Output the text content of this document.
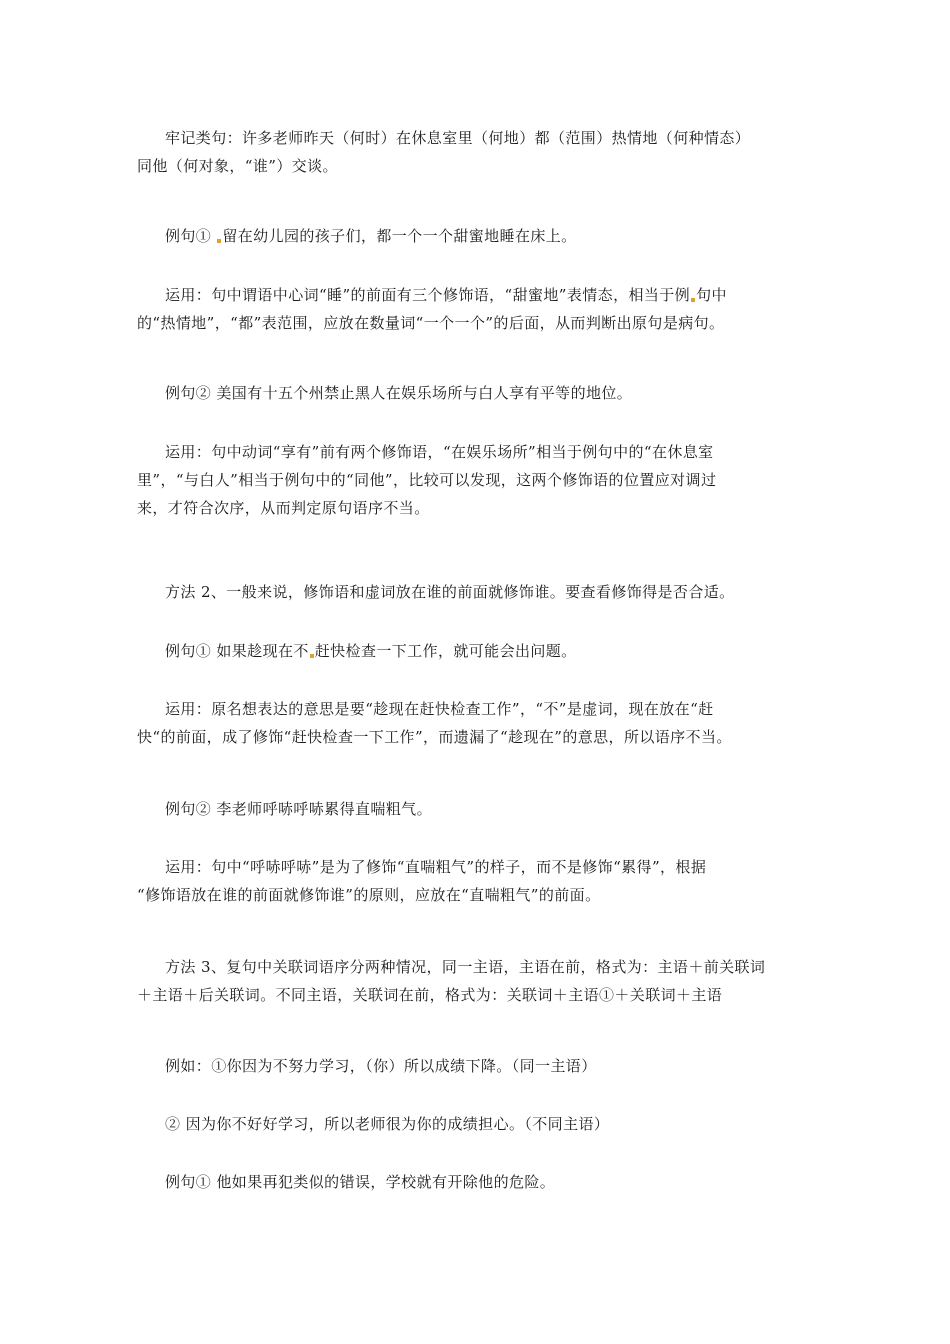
牢记类句：许多老师昨天（何时）在休息室里（何地）都（范围）热情地（何种情态）
同他（何对象，“谁”）交谈。
例句① 留在幼儿园的孩子们，都一个一个甜蜜地睡在床上。
运用：句中谓语中心词“睡”的前面有三个修饰语，“甜蜜地”表情态，相当于例 句中
的“热情地”，“都”表范围，应放在数量词“一个一个”的后面，从而判断出原句是病句。
例句② 美国有十五个州禁止黑人在娱乐场所与白人享有平等的地位。
运用：句中动词“享有”前有两个修饰语，“在娱乐场所”相当于例句中的“在休息室
里”，“与白人”相当于例句中的“同他”，比较可以发现，这两个修饰语的位置应对调过
来，才符合次序，从而判定原句语序不当。
方法 2、一般来说，修饰语和虚词放在谁的前面就修饰谁。要查看修饰得是否合适。
例句① 如果趁现在不 赶快检查一下工作，就可能会出问题。
运用：原名想表达的意思是要“趁现在赶快检查工作”，“不”是虚词，现在放在“赶
快“的前面，成了修饰“赶快检查一下工作”，而遗漏了“趁现在”的意思，所以语序不当。
例句② 李老师呼哧呼哧累得直喘粗气。
运用：句中“呼哧呼哧”是为了修饰“直喘粗气”的样子，而不是修饰“累得”，根据
“修饰语放在谁的前面就修饰谁”的原则，应放在“直喘粗气”的前面。
方法 3、复句中关联词语序分两种情况，同一主语，主语在前，格式为：主语＋前关联词
＋主语＋后关联词。不同主语，关联词在前，格式为：关联词＋主语①＋关联词＋主语
例如：①你因为不努力学习，（你）所以成绩下降。（同一主语）
② 因为你不好好学习，所以老师很为你的成绩担心。（不同主语）
例句① 他如果再犯类似的错误，学校就有开除他的危险。
